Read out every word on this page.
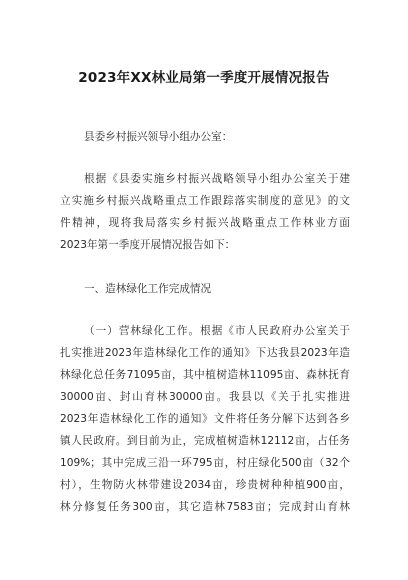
2023年XX林业局第一季度开展情况报告
县委乡村振兴领导小组办公室：
根据《县委实施乡村振兴战略领导小组办公室关于建
立实施乡村振兴战略重点工作跟踪落实制度的意见》的文
件精神，现将我局落实乡村振兴战略重点工作林业方面
2023年第一季度开展情况报告如下：
一、造林绿化工作完成情况
（一）营林绿化工作。根据《市人民政府办公室关于
扎实推进2023年造林绿化工作的通知》下达我县2023年造
林绿化总任务71095亩，其中植树造林11095亩、森林抚育
30000亩、封山育林30000亩。我县以《关于扎实推进
2023年造林绿化工作的通知》文件将任务分解下达到各乡
镇人民政府。到目前为止，完成植树造林12112亩，占任务
109%；其中完成三沿一环795亩，村庄绿化500亩（32个
村），生物防火林带建设2034亩，珍贵树种种植900亩，
林分修复任务300亩，其它造林7583亩；完成封山育林
